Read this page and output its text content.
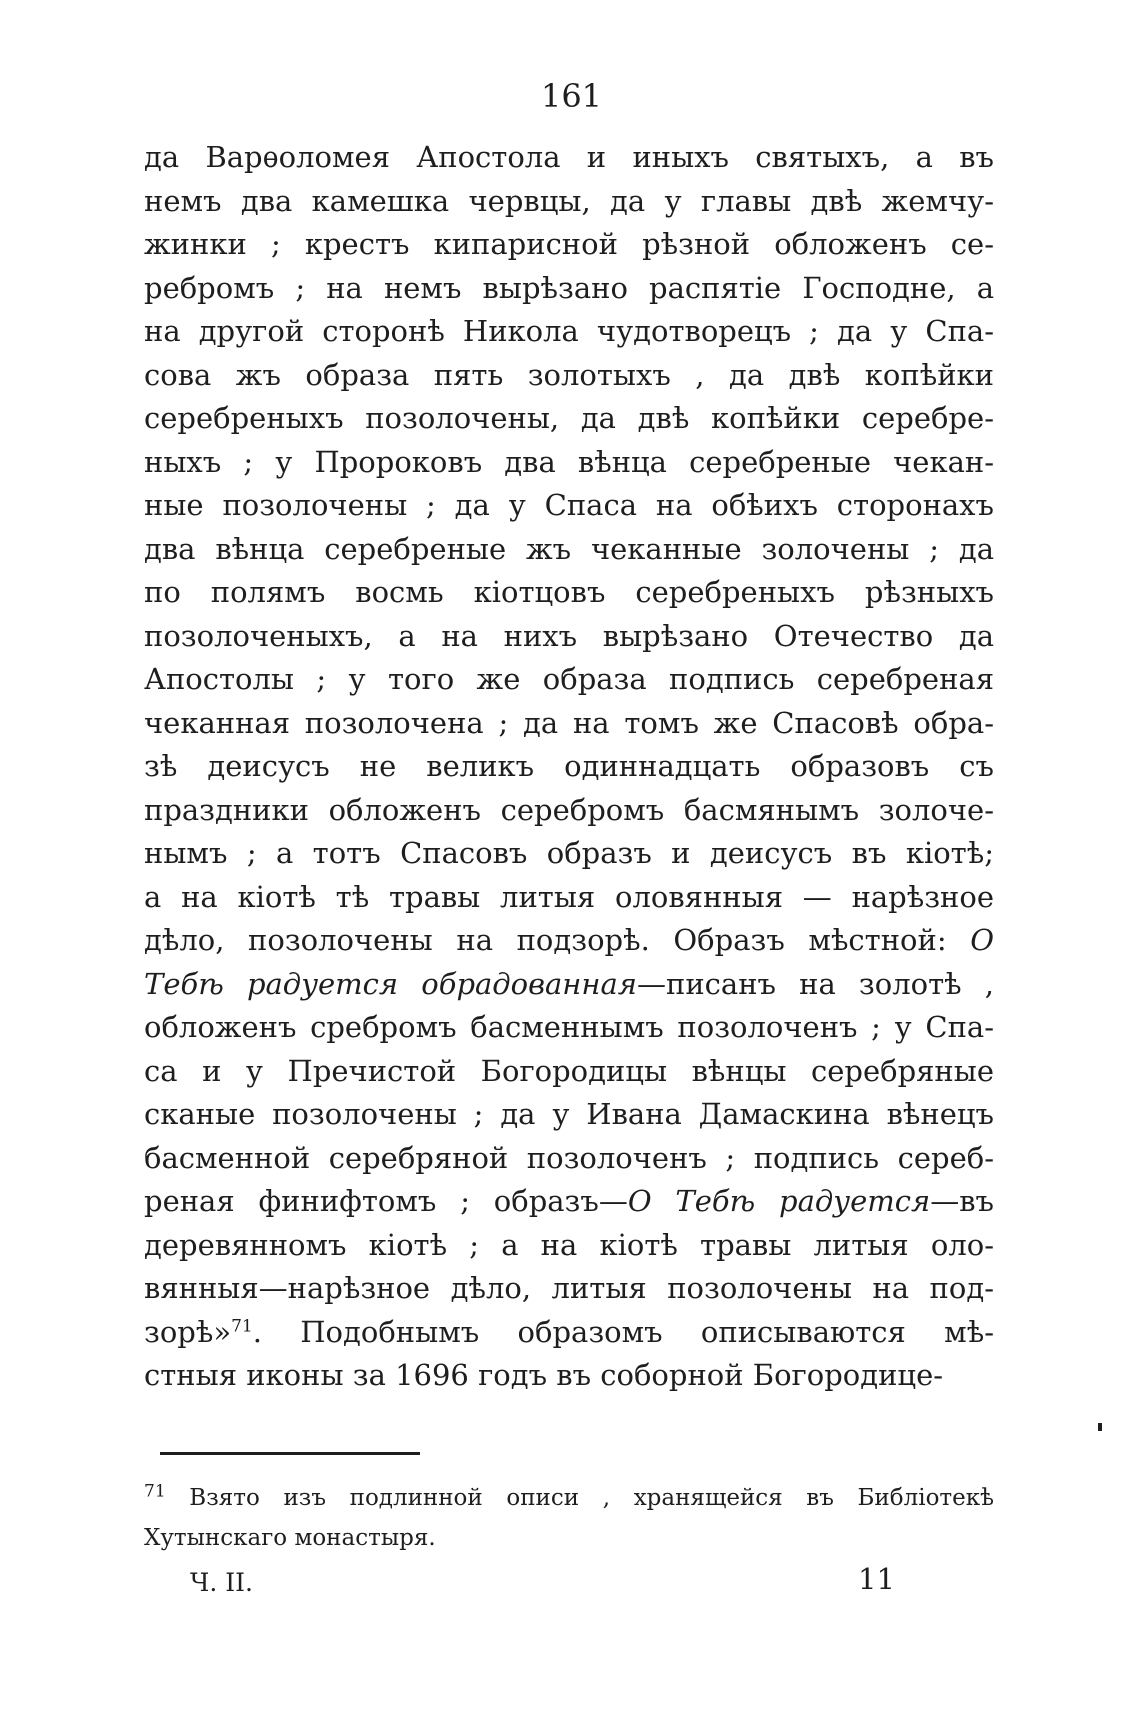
161
да Варѳоломея Апостола и иныхъ святыхъ, а въ
немъ два камешка червцы, да у главы двѣ жемчу-
жинки ; крестъ кипарисной рѣзной обложенъ се-
ребромъ ; на немъ вырѣзано распятіе Господне, а
на другой сторонѣ Никола чудотворецъ ; да у Спа-
сова жъ образа пять золотыхъ , да двѣ копѣйки
серебреныхъ позолочены, да двѣ копѣйки серебре-
ныхъ ; у Пророковъ два вѣнца серебреные чекан-
ные позолочены ; да у Спаса на обѣихъ сторонахъ
два вѣнца серебреные жъ чеканные золочены ; да
по полямъ восмь кіотцовъ серебреныхъ рѣзныхъ
позолоченыхъ, а на нихъ вырѣзано Отечество да
Апостолы ; у того же образа подпись серебреная
чеканная позолочена ; да на томъ же Спасовѣ обра-
зѣ деисусъ не великъ одиннадцать образовъ съ
праздники обложенъ серебромъ басмянымъ золоче-
нымъ ; а тотъ Спасовъ образъ и деисусъ въ кіотѣ;
а на кіотѣ тѣ травы литыя оловянныя — нарѣзное
дѣло, позолочены на подзорѣ. Образъ мѣстной: О
Тебѣ радуется обрадованная—писанъ на золотѣ ,
обложенъ сребромъ басменнымъ позолоченъ ; у Спа-
са и у Пречистой Богородицы вѣнцы серебряные
сканые позолочены ; да у Ивана Дамаскина вѣнецъ
басменной серебряной позолоченъ ; подпись сереб-
реная финифтомъ ; образъ—О Тебѣ радуется—въ
деревянномъ кіотѣ ; а на кіотѣ травы литыя оло-
вянныя—нарѣзное дѣло, литыя позолочены на под-
зорѣ»$^{71}$. Подобнымъ образомъ описываются мѣ-
стныя иконы за 1696 годъ въ соборной Богородице-
$^{71}$ Взято изъ подлинной описи , хранящейся въ Библіотекѣ
Хутынскаго монастыря.
Ч. II.	11
